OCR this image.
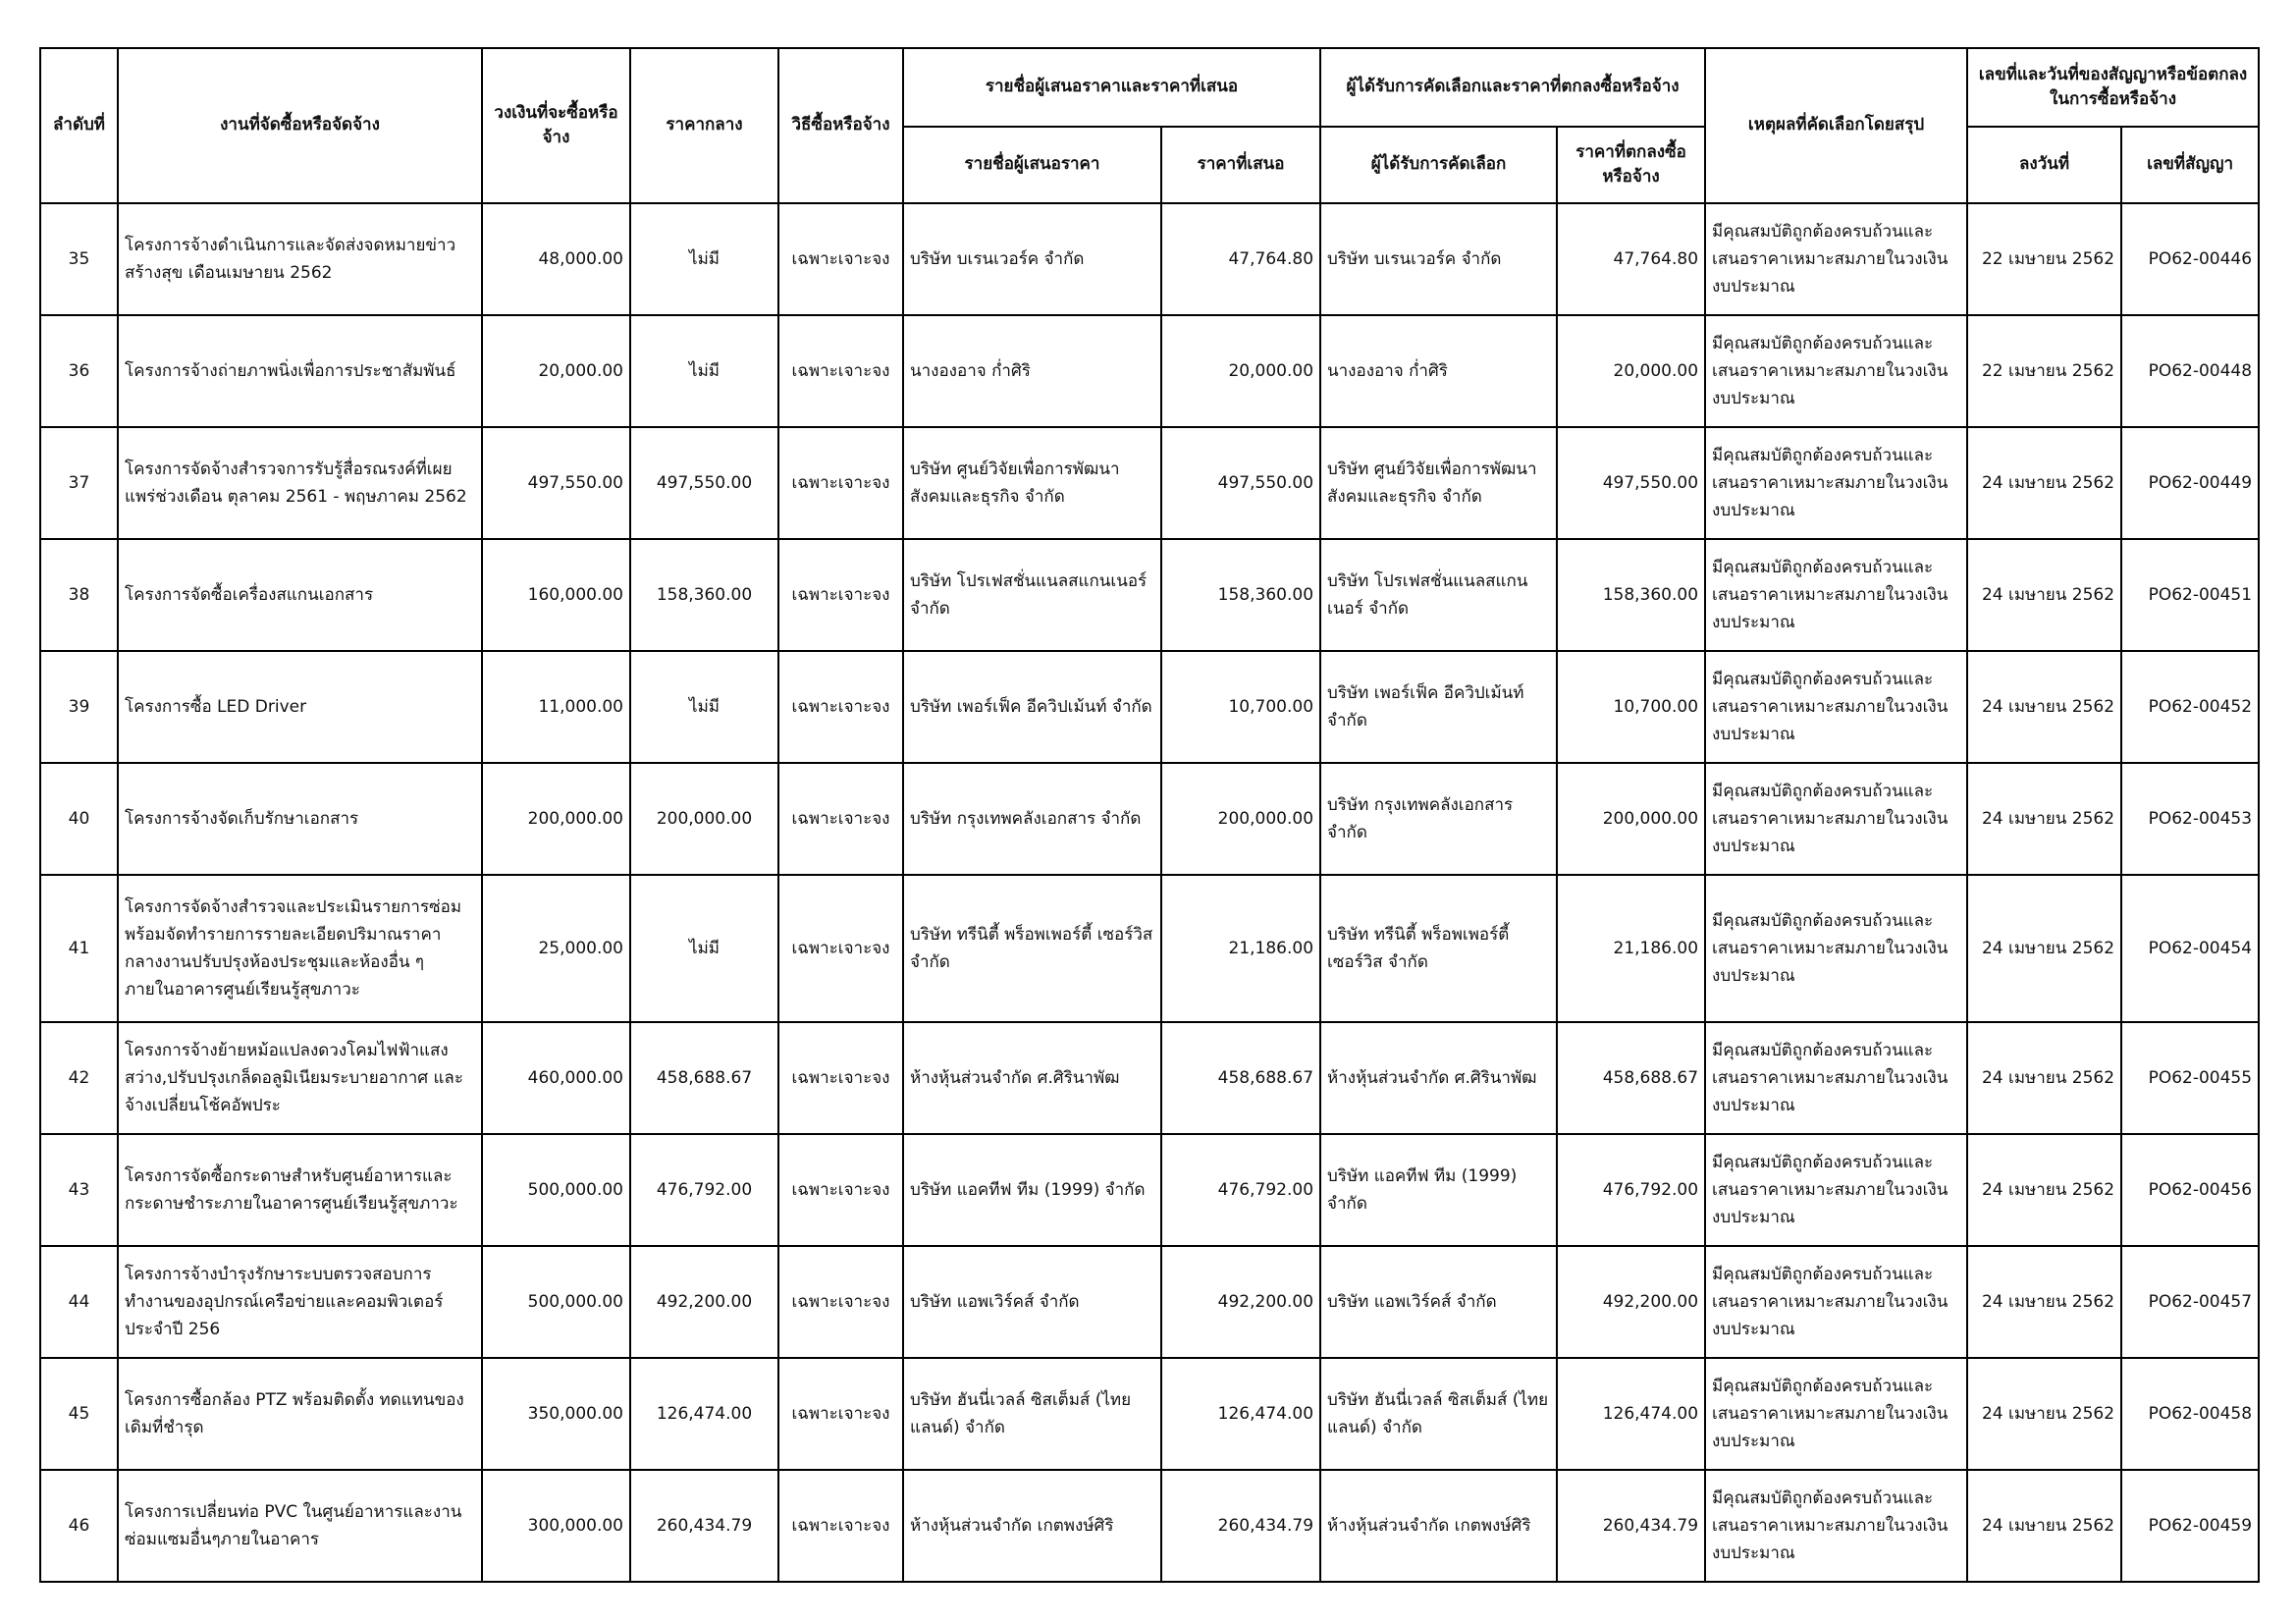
ลำดับที่	งานที่จัดซื้อหรือจัดจ้าง	วงเงินที่จะซื้อหรือจ้าง	ราคากลาง	วิธีซื้อหรือจ้าง	รายชื่อผู้เสนอราคาและราคาที่เสนอ		ผู้ได้รับการคัดเลือกและราคาที่ตกลงซื้อหรือจ้าง		เหตุผลที่คัดเลือกโดยสรุป	เลขที่และวันที่ของสัญญาหรือข้อตกลงในการซื้อหรือจ้าง	
					รายชื่อผู้เสนอราคา	ราคาที่เสนอ	ผู้ได้รับการคัดเลือก	ราคาที่ตกลงซื้อหรือจ้าง		ลงวันที่	เลขที่สัญญา
35	โครงการจ้างดำเนินการและจัดส่งจดหมายข่าวสร้างสุข เดือนเมษายน 2562	48,000.00	ไม่มี	เฉพาะเจาะจง	บริษัท บเรนเวอร์ค จำกัด	47,764.80	บริษัท บเรนเวอร์ค จำกัด	47,764.80	มีคุณสมบัติถูกต้องครบถ้วนและเสนอราคาเหมาะสมภายในวงเงินงบประมาณ	22 เมษายน 2562	PO62-00446
36	โครงการจ้างถ่ายภาพนิ่งเพื่อการประชาสัมพันธ์	20,000.00	ไม่มี	เฉพาะเจาะจง	นางองอาจ ก่ำศิริ	20,000.00	นางองอาจ ก่ำศิริ	20,000.00	มีคุณสมบัติถูกต้องครบถ้วนและเสนอราคาเหมาะสมภายในวงเงินงบประมาณ	22 เมษายน 2562	PO62-00448
37	โครงการจัดจ้างสำรวจการรับรู้สื่อรณรงค์ที่เผยแพร่ช่วงเดือน ตุลาคม 2561 - พฤษภาคม 2562	497,550.00	497,550.00	เฉพาะเจาะจง	บริษัท ศูนย์วิจัยเพื่อการพัฒนาสังคมและธุรกิจ จำกัด	497,550.00	บริษัท ศูนย์วิจัยเพื่อการพัฒนาสังคมและธุรกิจ จำกัด	497,550.00	มีคุณสมบัติถูกต้องครบถ้วนและเสนอราคาเหมาะสมภายในวงเงินงบประมาณ	24 เมษายน 2562	PO62-00449
38	โครงการจัดซื้อเครื่องสแกนเอกสาร	160,000.00	158,360.00	เฉพาะเจาะจง	บริษัท โปรเฟสชั่นแนลสแกนเนอร์ จำกัด	158,360.00	บริษัท โปรเฟสชั่นแนลสแกนเนอร์ จำกัด	158,360.00	มีคุณสมบัติถูกต้องครบถ้วนและเสนอราคาเหมาะสมภายในวงเงินงบประมาณ	24 เมษายน 2562	PO62-00451
39	โครงการซื้อ LED Driver	11,000.00	ไม่มี	เฉพาะเจาะจง	บริษัท เพอร์เฟ็ค อีควิปเม้นท์ จำกัด	10,700.00	บริษัท เพอร์เฟ็ค อีควิปเม้นท์ จำกัด	10,700.00	มีคุณสมบัติถูกต้องครบถ้วนและเสนอราคาเหมาะสมภายในวงเงินงบประมาณ	24 เมษายน 2562	PO62-00452
40	โครงการจ้างจัดเก็บรักษาเอกสาร	200,000.00	200,000.00	เฉพาะเจาะจง	บริษัท กรุงเทพคลังเอกสาร จำกัด	200,000.00	บริษัท กรุงเทพคลังเอกสาร จำกัด	200,000.00	มีคุณสมบัติถูกต้องครบถ้วนและเสนอราคาเหมาะสมภายในวงเงินงบประมาณ	24 เมษายน 2562	PO62-00453
41	โครงการจัดจ้างสำรวจและประเมินรายการซ่อมพร้อมจัดทำรายการรายละเอียดปริมาณราคากลางงานปรับปรุงห้องประชุมและห้องอื่น ๆ ภายในอาคารศูนย์เรียนรู้สุขภาวะ	25,000.00	ไม่มี	เฉพาะเจาะจง	บริษัท ทรีนิตี้ พร็อพเพอร์ตี้ เซอร์วิส จำกัด	21,186.00	บริษัท ทรีนิตี้ พร็อพเพอร์ตี้ เซอร์วิส จำกัด	21,186.00	มีคุณสมบัติถูกต้องครบถ้วนและเสนอราคาเหมาะสมภายในวงเงินงบประมาณ	24 เมษายน 2562	PO62-00454
42	โครงการจ้างย้ายหม้อแปลงดวงโคมไฟฟ้าแสงสว่าง,ปรับปรุงเกล็ดอลูมิเนียมระบายอากาศ และจ้างเปลี่ยนโช้คอัพประ	460,000.00	458,688.67	เฉพาะเจาะจง	ห้างหุ้นส่วนจำกัด ศ.ศิรินาพัฒ	458,688.67	ห้างหุ้นส่วนจำกัด ศ.ศิรินาพัฒ	458,688.67	มีคุณสมบัติถูกต้องครบถ้วนและเสนอราคาเหมาะสมภายในวงเงินงบประมาณ	24 เมษายน 2562	PO62-00455
43	โครงการจัดซื้อกระดาษสำหรับศูนย์อาหารและกระดาษชำระภายในอาคารศูนย์เรียนรู้สุขภาวะ	500,000.00	476,792.00	เฉพาะเจาะจง	บริษัท แอคทีฟ ทีม (1999) จำกัด	476,792.00	บริษัท แอคทีฟ ทีม (1999) จำกัด	476,792.00	มีคุณสมบัติถูกต้องครบถ้วนและเสนอราคาเหมาะสมภายในวงเงินงบประมาณ	24 เมษายน 2562	PO62-00456
44	โครงการจ้างบำรุงรักษาระบบตรวจสอบการทำงานของอุปกรณ์เครือข่ายและคอมพิวเตอร์ ประจำปี 256	500,000.00	492,200.00	เฉพาะเจาะจง	บริษัท แอพเวิร์คส์ จำกัด	492,200.00	บริษัท แอพเวิร์คส์ จำกัด	492,200.00	มีคุณสมบัติถูกต้องครบถ้วนและเสนอราคาเหมาะสมภายในวงเงินงบประมาณ	24 เมษายน 2562	PO62-00457
45	โครงการซื้อกล้อง PTZ พร้อมติดตั้ง ทดแทนของเดิมที่ชำรุด	350,000.00	126,474.00	เฉพาะเจาะจง	บริษัท ฮันนี่เวลล์ ซิสเต็มส์ (ไทยแลนด์) จำกัด	126,474.00	บริษัท ฮันนี่เวลล์ ซิสเต็มส์ (ไทยแลนด์) จำกัด	126,474.00	มีคุณสมบัติถูกต้องครบถ้วนและเสนอราคาเหมาะสมภายในวงเงินงบประมาณ	24 เมษายน 2562	PO62-00458
46	โครงการเปลี่ยนท่อ PVC ในศูนย์อาหารและงานซ่อมแซมอื่นๆภายในอาคาร	300,000.00	260,434.79	เฉพาะเจาะจง	ห้างหุ้นส่วนจำกัด เกตพงษ์ศิริ	260,434.79	ห้างหุ้นส่วนจำกัด เกตพงษ์ศิริ	260,434.79	มีคุณสมบัติถูกต้องครบถ้วนและเสนอราคาเหมาะสมภายในวงเงินงบประมาณ	24 เมษายน 2562	PO62-00459
